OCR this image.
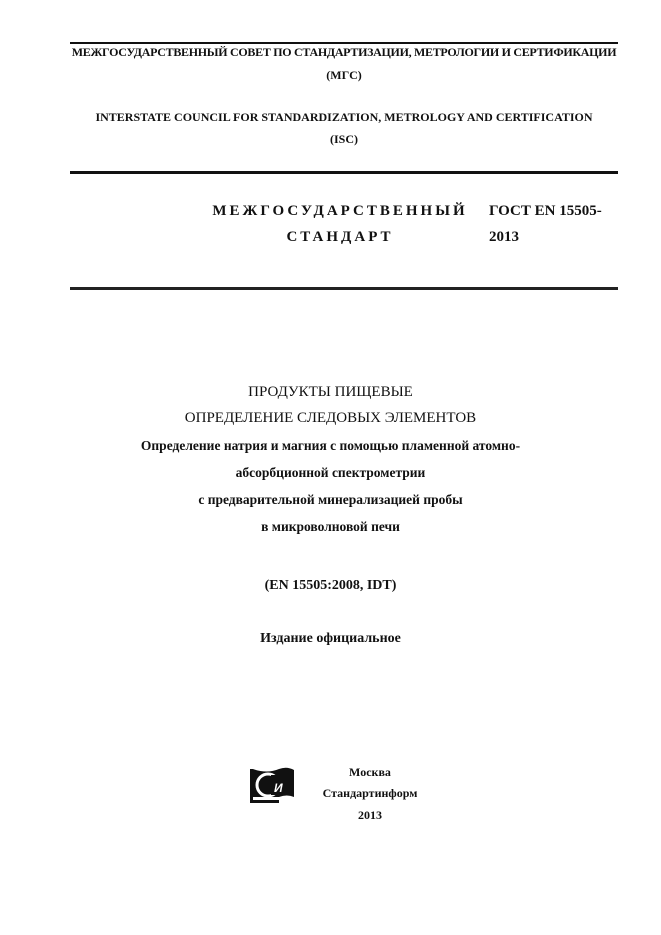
МЕЖГОСУДАРСТВЕННЫЙ СОВЕТ ПО СТАНДАРТИЗАЦИИ, МЕТРОЛОГИИ И СЕРТИФИКАЦИИ
(МГС)
INTERSTATE COUNCIL FOR STANDARDIZATION, METROLOGY AND CERTIFICATION
(ISC)
МЕЖГОСУДАРСТВЕННЫЙ
СТАНДАРТ
ГОСТ EN 15505-
2013
ПРОДУКТЫ ПИЩЕВЫЕ
ОПРЕДЕЛЕНИЕ СЛЕДОВЫХ ЭЛЕМЕНТОВ
Определение натрия и магния с помощью пламенной атомно-
абсорбционной спектрометрии
с предварительной минерализацией пробы
в микроволновой печи
(EN 15505:2008, IDT)
Издание официальное
И
Москва
Стандартинформ
2013
